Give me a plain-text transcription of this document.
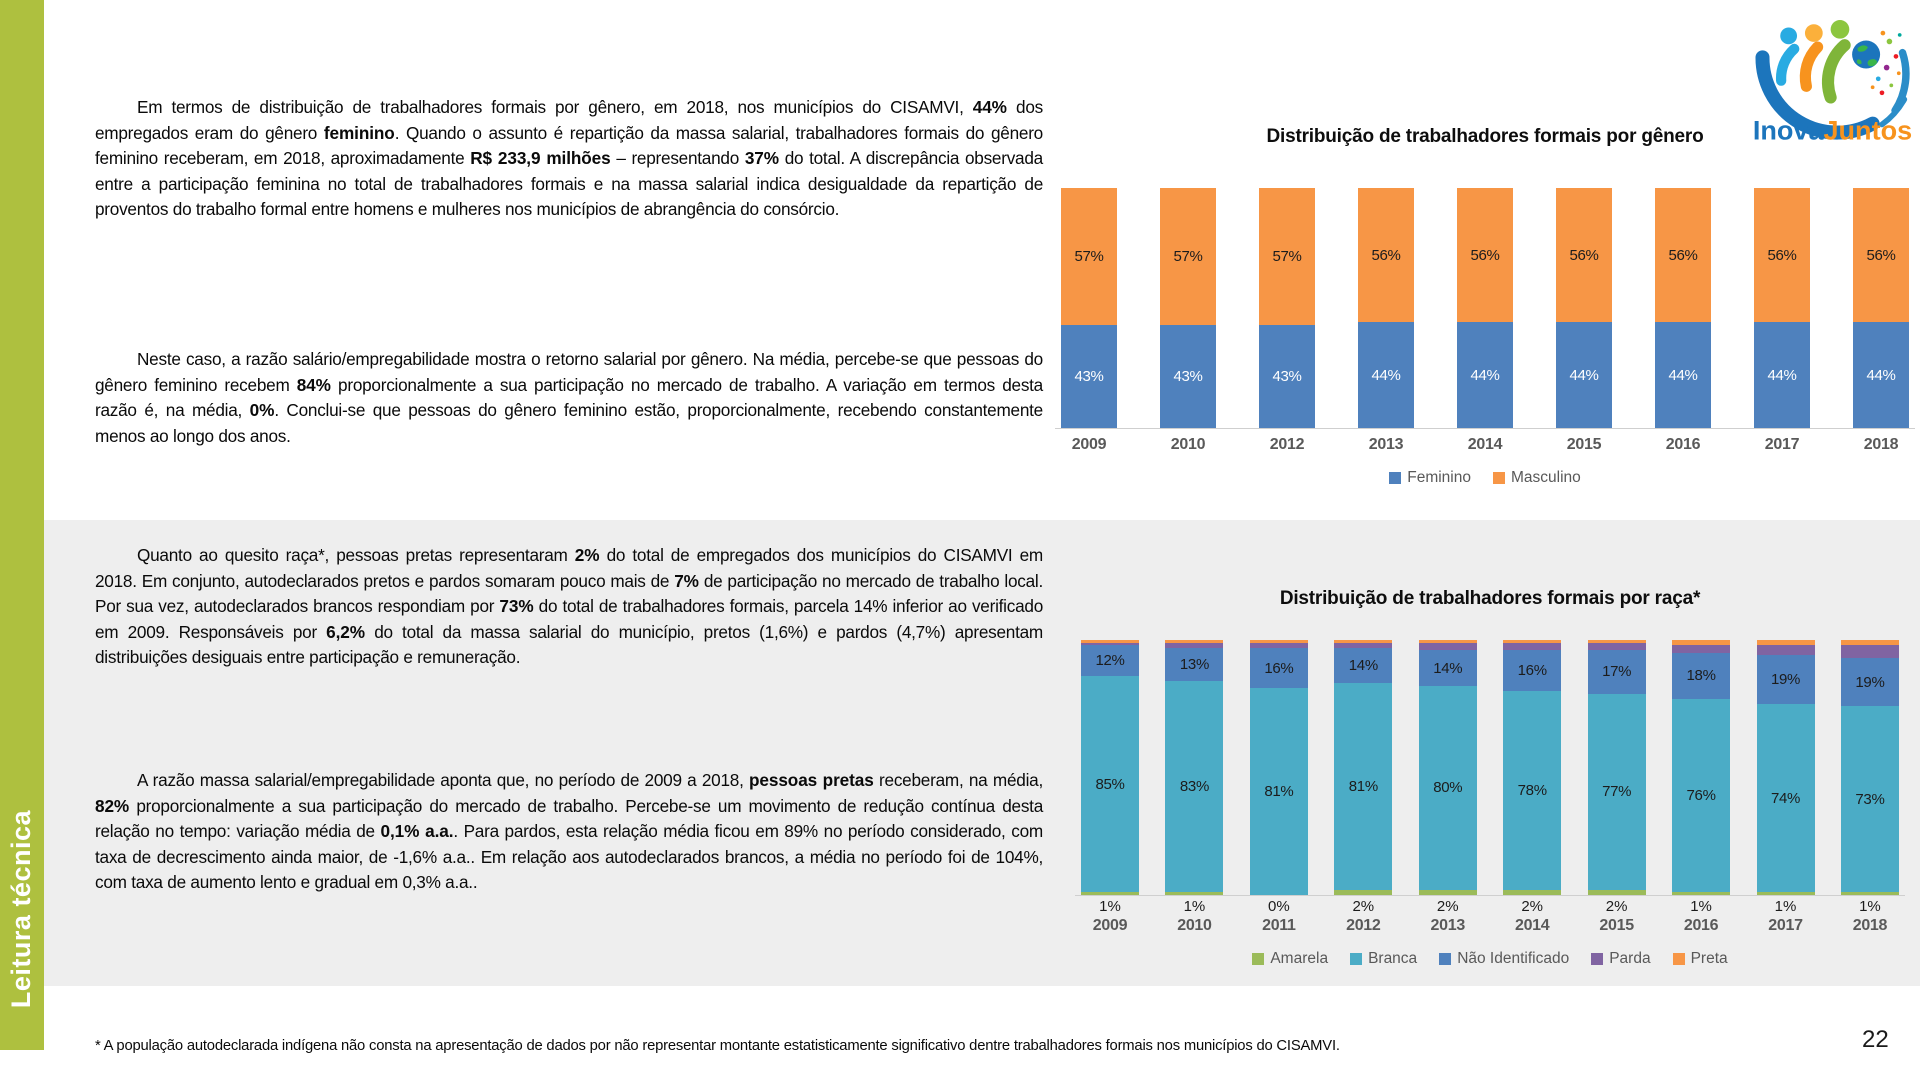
Leitura técnica
Em termos de distribuição de trabalhadores formais por gênero, em 2018, nos municípios do CISAMVI, 44% dos empregados eram do gênero feminino. Quando o assunto é repartição da massa salarial, trabalhadores formais do gênero feminino receberam, em 2018, aproximadamente R$ 233,9 milhões – representando 37% do total. A discrepância observada entre a participação feminina no total de trabalhadores formais e na massa salarial indica desigualdade da repartição de proventos do trabalho formal entre homens e mulheres nos municípios de abrangência do consórcio.
Neste caso, a razão salário/empregabilidade mostra o retorno salarial por gênero. Na média, percebe-se que pessoas do gênero feminino recebem 84% proporcionalmente a sua participação no mercado de trabalho. A variação em termos desta razão é, na média, 0%. Conclui-se que pessoas do gênero feminino estão, proporcionalmente, recebendo constantemente menos ao longo dos anos.
Quanto ao quesito raça*, pessoas pretas representaram 2% do total de empregados dos municípios do CISAMVI em 2018. Em conjunto, autodeclarados pretos e pardos somaram pouco mais de 7% de participação no mercado de trabalho local. Por sua vez, autodeclarados brancos respondiam por 73% do total de trabalhadores formais, parcela 14% inferior ao verificado em 2009. Responsáveis por 6,2% do total da massa salarial do município, pretos (1,6%) e pardos (4,7%) apresentam distribuições desiguais entre participação e remuneração.
A razão massa salarial/empregabilidade aponta que, no período de 2009 a 2018, pessoas pretas receberam, na média, 82% proporcionalmente a sua participação do mercado de trabalho. Percebe-se um movimento de redução contínua desta relação no tempo: variação média de 0,1% a.a.. Para pardos, esta relação média ficou em 89% no período considerado, com taxa de decrescimento ainda maior, de -1,6% a.a.. Em relação aos autodeclarados brancos, a média no período foi de 104%, com taxa de aumento lento e gradual em 0,3% a.a..
Distribuição de trabalhadores formais por gênero
43%
57%
43%
57%
43%
57%
44%
56%
44%
56%
44%
56%
44%
56%
44%
56%
44%
56%
2009	2010	2012	2013	2014	2015	2016	2017	2018
Feminino	Masculino
Distribuição de trabalhadores formais por raça*
85%
12%
83%
13%
81%
16%
81%
14%
80%
14%
78%
16%
77%
17%
76%
18%
74%
19%
73%
19%
1%	1%	0%	2%	2%	2%	2%	1%	1%	1%
2009	2010	2011	2012	2013	2014	2015	2016	2017	2018
Amarela	Branca	Não Identificado	Parda	Preta
* A população autodeclarada indígena não consta na apresentação de dados por não representar montante estatisticamente significativo dentre trabalhadores formais nos municípios do CISAMVI.	22
InovaJuntos
